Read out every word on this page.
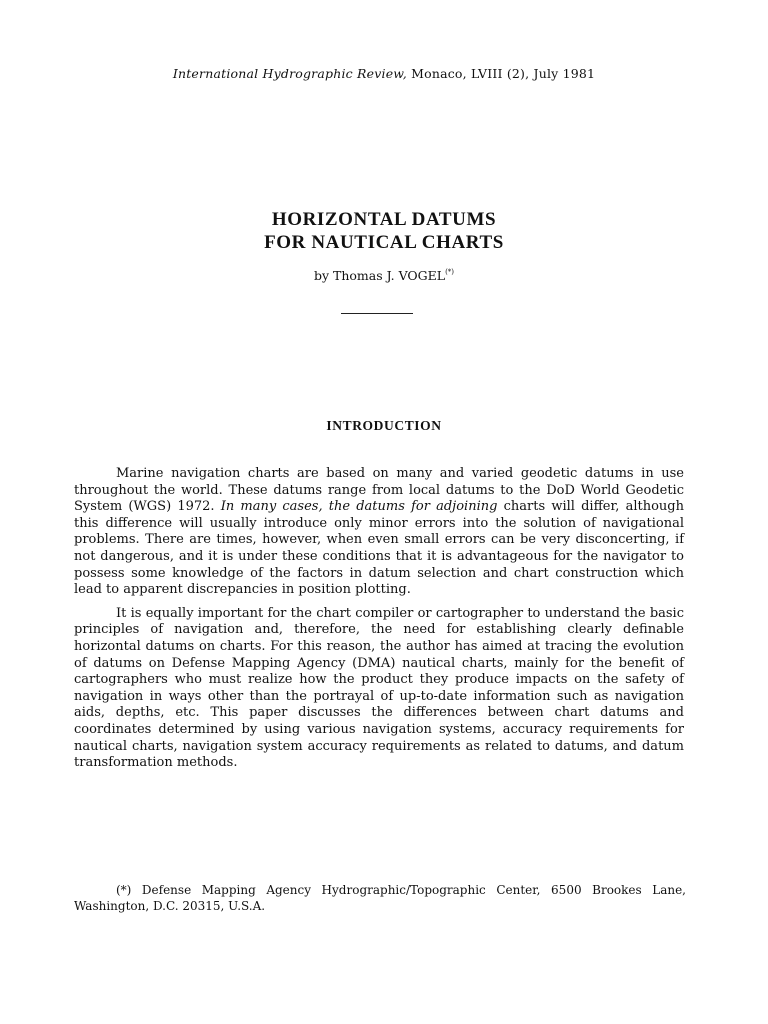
International Hydrographic Review, Monaco, LVIII (2), July 1981
HORIZONTAL DATUMS
FOR NAUTICAL CHARTS
by Thomas J. VOGEL(*)
INTRODUCTION

Marine navigation charts are based on many and varied geodetic datums in use throughout the world. These datums range from local datums to the DoD World Geodetic System (WGS) 1972. In many cases, the datums for adjoining charts will differ, although this difference will usually introduce only minor errors into the solution of navigational problems. There are times, however, when even small errors can be very disconcerting, if not dangerous, and it is under these conditions that it is advantageous for the navigator to possess some knowledge of the factors in datum selection and chart construction which lead to apparent discrepancies in position plotting.

It is equally important for the chart compiler or cartographer to understand the basic principles of navigation and, therefore, the need for establishing clearly definable horizontal datums on charts. For this reason, the author has aimed at tracing the evolution of datums on Defense Mapping Agency (DMA) nautical charts, mainly for the benefit of cartographers who must realize how the product they produce impacts on the safety of navigation in ways other than the portrayal of up-to-date information such as navigation aids, depths, etc. This paper discusses the differences between chart datums and coordinates determined by using various navigation systems, accuracy requirements for nautical charts, navigation system accuracy requirements as related to datums, and datum transformation methods.

(*) Defense Mapping Agency Hydrographic/Topographic Center, 6500 Brookes Lane, Washington, D.C. 20315, U.S.A.
